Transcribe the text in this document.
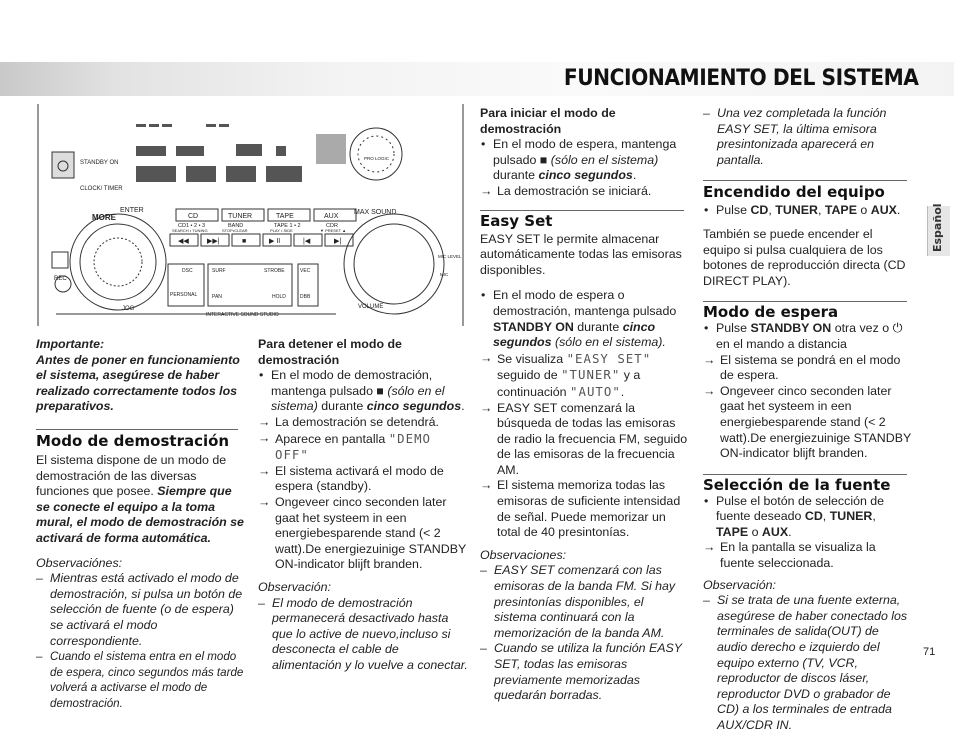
FUNCIONAMIENTO DEL SISTEMA
STANDBY ON
CLOCK/ TIMER
REC
MORE
ENTER	MAX SOUND
CD	TUNER	TAPE	AUX
CD1 • 2 • 3	BAND	TAPE 1 • 2	CDR
SEARCH • TUNING	STOP•CLEAR	PLAY • SIDE	▼ PRESET ▲
◀◀	▶▶|	■	▶ II	|◀	▶|
DSC
PERSONAL
SURF	STROBE
PAN	HOLD
VEC
DBB
JOG	VOLUME
INTERACTIVE SOUND STUDIO
PRO LOGIC
MIC LEVEL
MIC

Importante:

Antes de poner en funcionamiento el sistema, asegúrese de haber realizado correctamente todos los preparativos.

Modo de demostración

El sistema dispone de un modo de demostración de las diversas funciones que posee. Siempre que se conecte el equipo a la toma mural, el modo de demostración se activará de forma automática.

Observaciónes:

– Mientras está activado el modo de demostración, si pulsa un botón de selección de fuente (o de espera) se activará el modo correspondiente.

– Cuando el sistema entra en el modo de espera, cinco segundos más tarde volverá a activarse el modo de demostración.

Para detener el modo de demostración

• En el modo de demostración, mantenga pulsado ■ (sólo en el sistema) durante cinco segundos.

→ La demostración se detendrá.

→ Aparece en pantalla "DEMO OFF"

→ El sistema activará el modo de espera (standby).

→ Ongeveer cinco seconden later gaat het systeem in een energiebesparende stand (< 2 watt).De energiezuinige STANDBY ON-indicator blijft branden.

Observación:

– El modo de demostración permanecerá desactivado hasta que lo active de nuevo,incluso si desconecta el cable de alimentación y lo vuelve a conectar.

Para iniciar el modo de demostración

• En el modo de espera, mantenga pulsado ■ (sólo en el sistema) durante cinco segundos.

→ La demostración se iniciará.

Easy Set

EASY SET le permite almacenar automáticamente todas las emisoras disponibles.

• En el modo de espera o demostración, mantenga pulsado STANDBY ON durante cinco segundos (sólo en el sistema).

→ Se visualiza "EASY SET" seguido de "TUNER" y a continuación "AUTO".

→ EASY SET comenzará la búsqueda de todas las emisoras de radio la frecuencia FM, seguido de las emisoras de la frecuencia AM.

→ El sistema memoriza todas las emisoras de suficiente intensidad de señal. Puede memorizar un total de 40 presintonías.

Observaciones:

– EASY SET comenzará con las emisoras de la banda FM. Si hay presintonías disponibles, el sistema continuará con la memorización de la banda AM.

– Cuando se utiliza la función EASY SET, todas las emisoras previamente memorizadas quedarán borradas.

– Una vez completada la función EASY SET, la última emisora presintonizada aparecerá en pantalla.

Encendido del equipo

• Pulse CD, TUNER, TAPE o AUX.

También se puede encender el equipo si pulsa cualquiera de los botones de reproducción directa (CD DIRECT PLAY).

Modo de espera

• Pulse STANDBY ON otra vez o ⏻ en el mando a distancia

→ El sistema se pondrá en el modo de espera.

→ Ongeveer cinco seconden later gaat het systeem in een energiebesparende stand (< 2 watt).De energiezuinige STANDBY ON-indicator blijft branden.

Selección de la fuente

• Pulse el botón de selección de fuente deseado CD, TUNER, TAPE o AUX.

→ En la pantalla se visualiza la fuente seleccionada.

Observación:

– Si se trata de una fuente externa, asegúrese de haber conectado los terminales de salida(OUT) de audio derecho e izquierdo del equipo externo (TV, VCR, reproductor de discos láser, reproductor DVD o grabador de CD) a los terminales de entrada AUX/CDR IN.

Español
71
